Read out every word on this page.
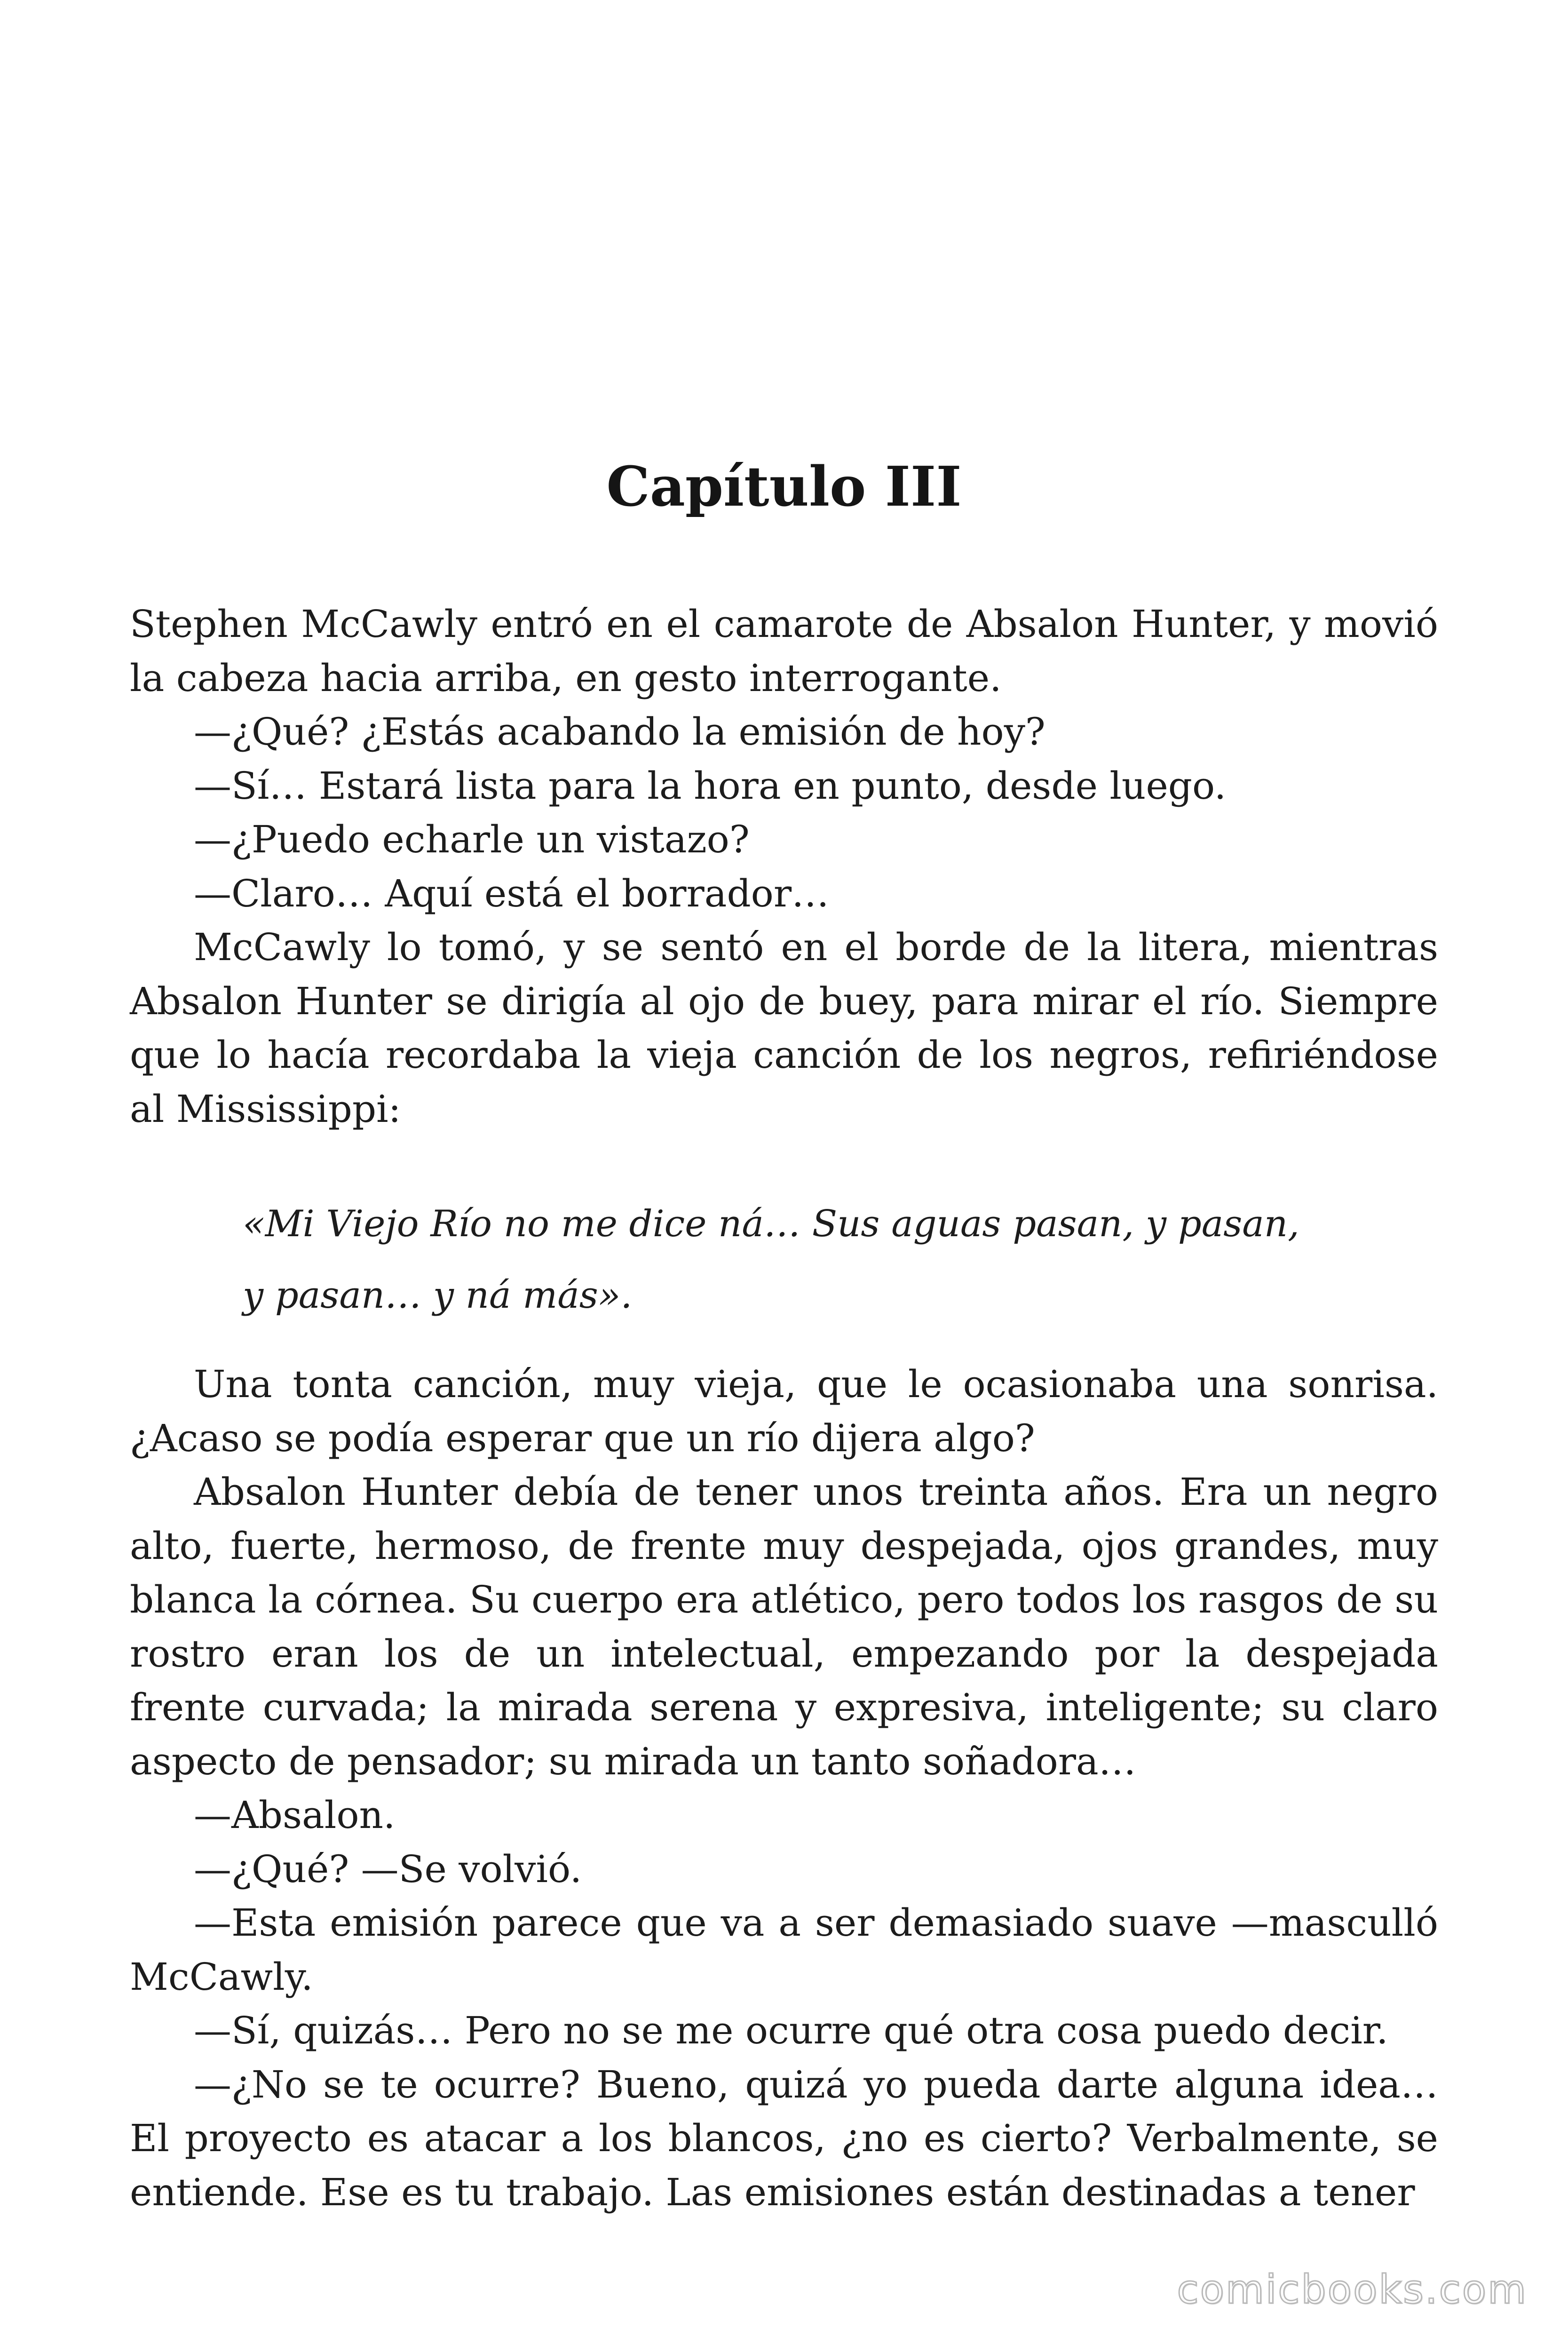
Capítulo III

Stephen McCawly entró en el camarote de Absalon Hunter, y movió la cabeza hacia arriba, en gesto interrogante.

—¿Qué? ¿Estás acabando la emisión de hoy?

—Sí… Estará lista para la hora en punto, desde luego.

—¿Puedo echarle un vistazo?

—Claro… Aquí está el borrador…

McCawly lo tomó, y se sentó en el borde de la litera, mientras Absalon Hunter se dirigía al ojo de buey, para mirar el río. Siempre que lo hacía recordaba la vieja canción de los negros, refiriéndose al Mississippi:

«Mi Viejo Río no me dice ná… Sus aguas pasan, y pasan,
y pasan… y ná más».

Una tonta canción, muy vieja, que le ocasionaba una sonrisa. ¿Acaso se podía esperar que un río dijera algo?

Absalon Hunter debía de tener unos treinta años. Era un negro alto, fuerte, hermoso, de frente muy despejada, ojos grandes, muy blanca la córnea. Su cuerpo era atlético, pero todos los rasgos de su rostro eran los de un intelectual, empezando por la despejada frente curvada; la mirada serena y expresiva, inteligente; su claro aspecto de pensador; su mirada un tanto soñadora…

—Absalon.

—¿Qué? —Se volvió.

—Esta emisión parece que va a ser demasiado suave —masculló McCawly.

—Sí, quizás… Pero no se me ocurre qué otra cosa puedo decir.

—¿No se te ocurre? Bueno, quizá yo pueda darte alguna idea… El proyecto es atacar a los blancos, ¿no es cierto? Verbalmente, se entiende. Ese es tu trabajo. Las emisiones están destinadas a tener

comicbooks.com
